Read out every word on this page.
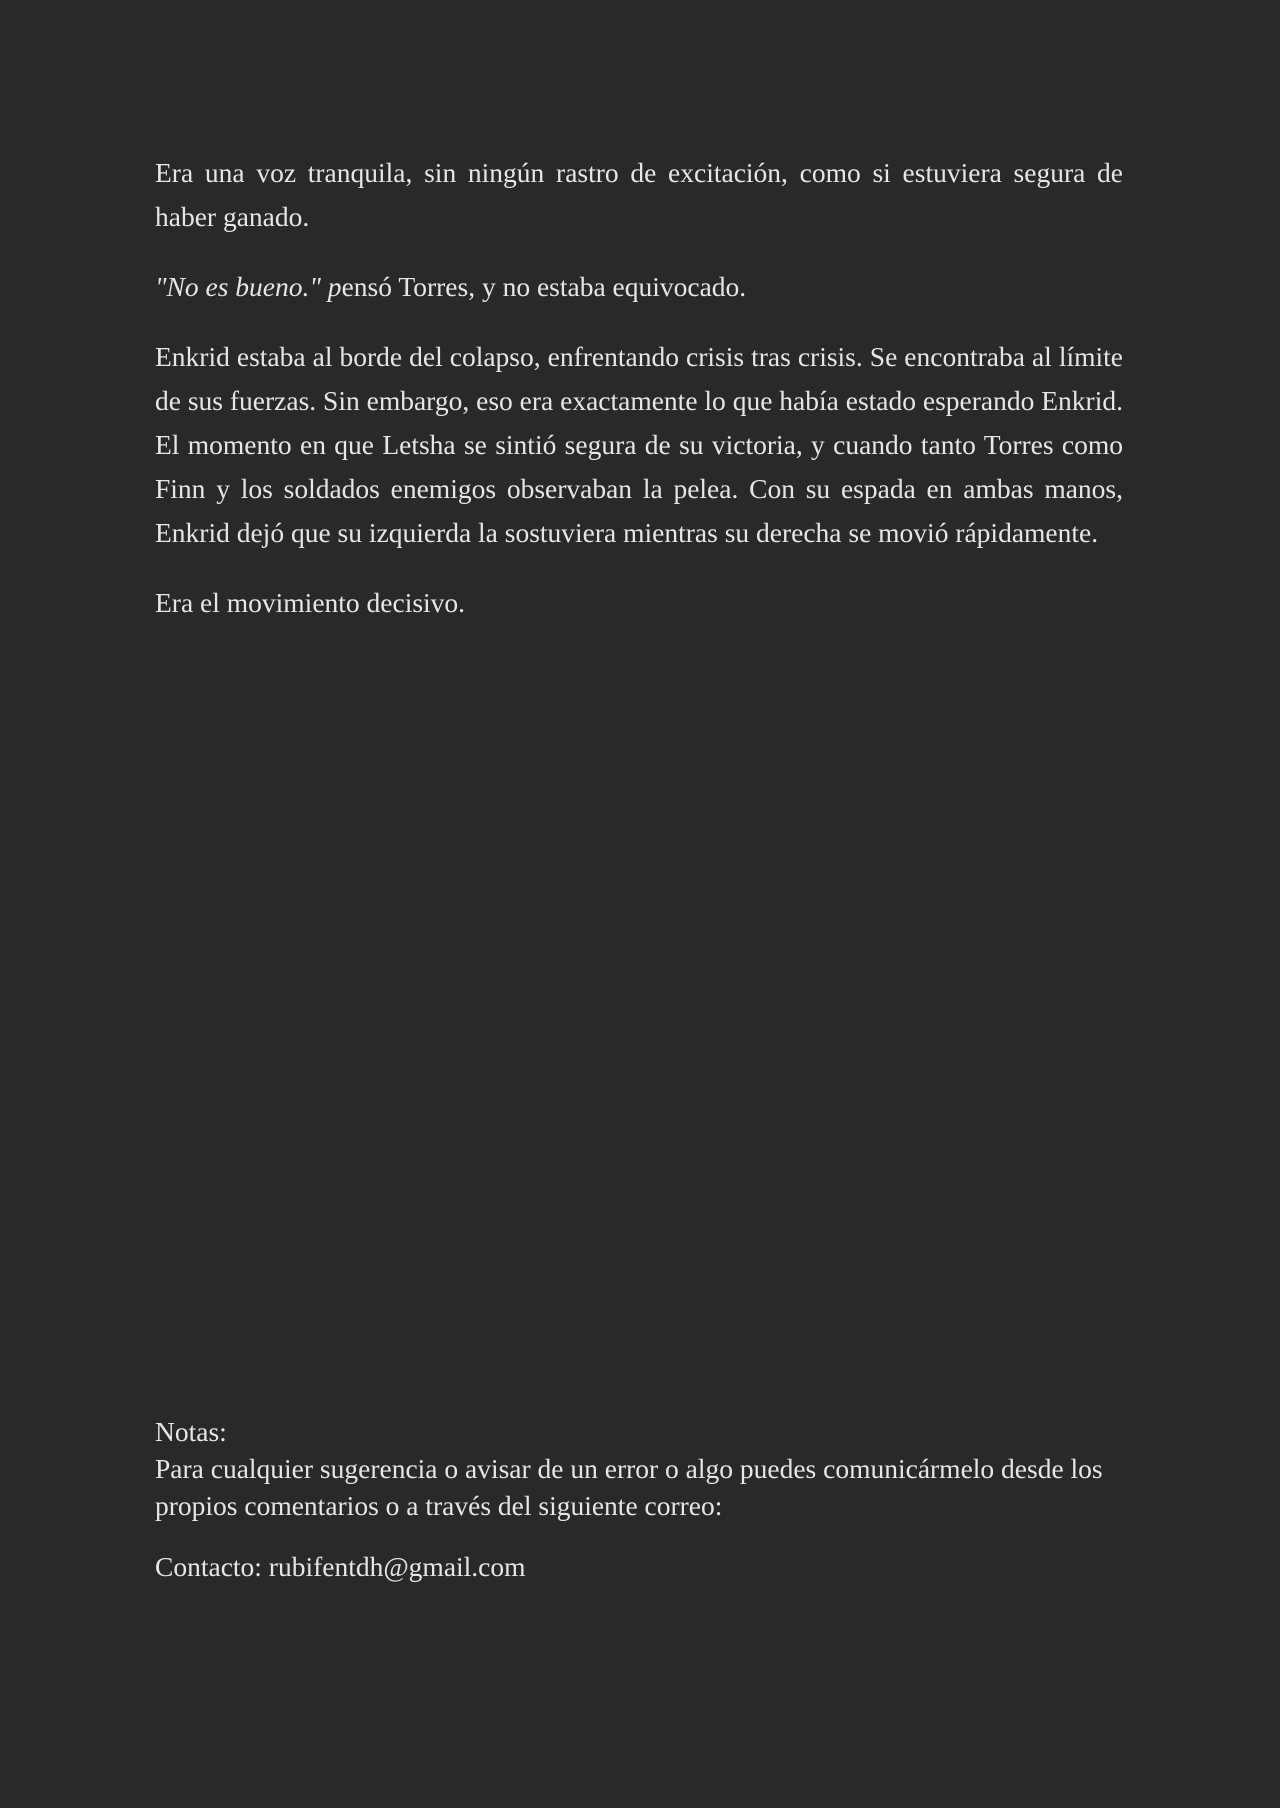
Era una voz tranquila, sin ningún rastro de excitación, como si estuviera segura de haber ganado.

"No es bueno." pensó Torres, y no estaba equivocado.

Enkrid estaba al borde del colapso, enfrentando crisis tras crisis. Se encontraba al límite de sus fuerzas. Sin embargo, eso era exactamente lo que había estado esperando Enkrid. El momento en que Letsha se sintió segura de su victoria, y cuando tanto Torres como Finn y los soldados enemigos observaban la pelea. Con su espada en ambas manos, Enkrid dejó que su izquierda la sostuviera mientras su derecha se movió rápidamente.

Era el movimiento decisivo.

Notas:

Para cualquier sugerencia o avisar de un error o algo puedes comunicármelo desde los propios comentarios o a través del siguiente correo:

Contacto: rubifentdh@gmail.com
